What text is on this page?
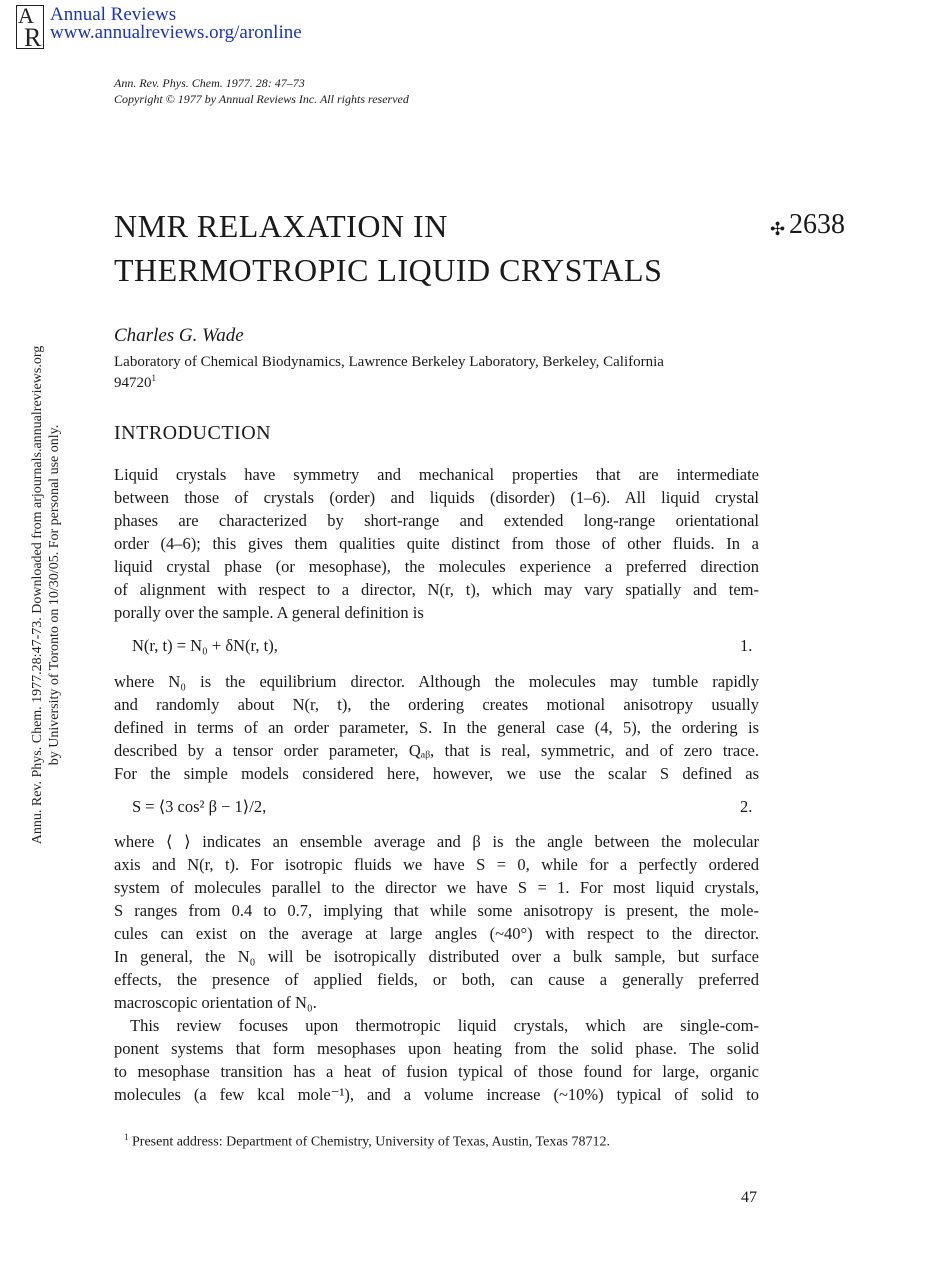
A
R
Annual Reviews
www.annualreviews.org/aronline
Ann. Rev. Phys. Chem. 1977. 28: 47–73
Copyright © 1977 by Annual Reviews Inc. All rights reserved
NMR RELAXATION IN
THERMOTROPIC LIQUID CRYSTALS
✣ 2638
Charles G. Wade
Laboratory of Chemical Biodynamics, Lawrence Berkeley Laboratory, Berkeley, California
94720$^1$
INTRODUCTION
Liquid crystals have symmetry and mechanical properties that are intermediate
between those of crystals (order) and liquids (disorder) (1–6). All liquid crystal
phases are characterized by short-range and extended long-range orientational
order (4–6); this gives them qualities quite distinct from those of other fluids. In a
liquid crystal phase (or mesophase), the molecules experience a preferred direction
of alignment with respect to a director, N(r, t), which may vary spatially and tem-
porally over the sample. A general definition is
N(r, t) = N₀ + δN(r, t),	1.
where N₀ is the equilibrium director. Although the molecules may tumble rapidly
and randomly about N(r, t), the ordering creates motional anisotropy usually
defined in terms of an order parameter, S. In the general case (4, 5), the ordering is
described by a tensor order parameter, Qₐᵦ, that is real, symmetric, and of zero trace.
For the simple models considered here, however, we use the scalar S defined as
S = ⟨3 cos² β − 1⟩/2,	2.
where ⟨ ⟩ indicates an ensemble average and β is the angle between the molecular
axis and N(r, t). For isotropic fluids we have S = 0, while for a perfectly ordered
system of molecules parallel to the director we have S = 1. For most liquid crystals,
S ranges from 0.4 to 0.7, implying that while some anisotropy is present, the mole-
cules can exist on the average at large angles (~40°) with respect to the director.
In general, the N₀ will be isotropically distributed over a bulk sample, but surface
effects, the presence of applied fields, or both, can cause a generally preferred
macroscopic orientation of N₀.
This review focuses upon thermotropic liquid crystals, which are single-com-
ponent systems that form mesophases upon heating from the solid phase. The solid
to mesophase transition has a heat of fusion typical of those found for large, organic
molecules (a few kcal mole⁻¹), and a volume increase (~10%) typical of solid to
$^1$ Present address: Department of Chemistry, University of Texas, Austin, Texas 78712.
47
Annu. Rev. Phys. Chem. 1977.28:47-73. Downloaded from arjournals.annualreviews.org by University of Toronto on 10/30/05. For personal use only.
